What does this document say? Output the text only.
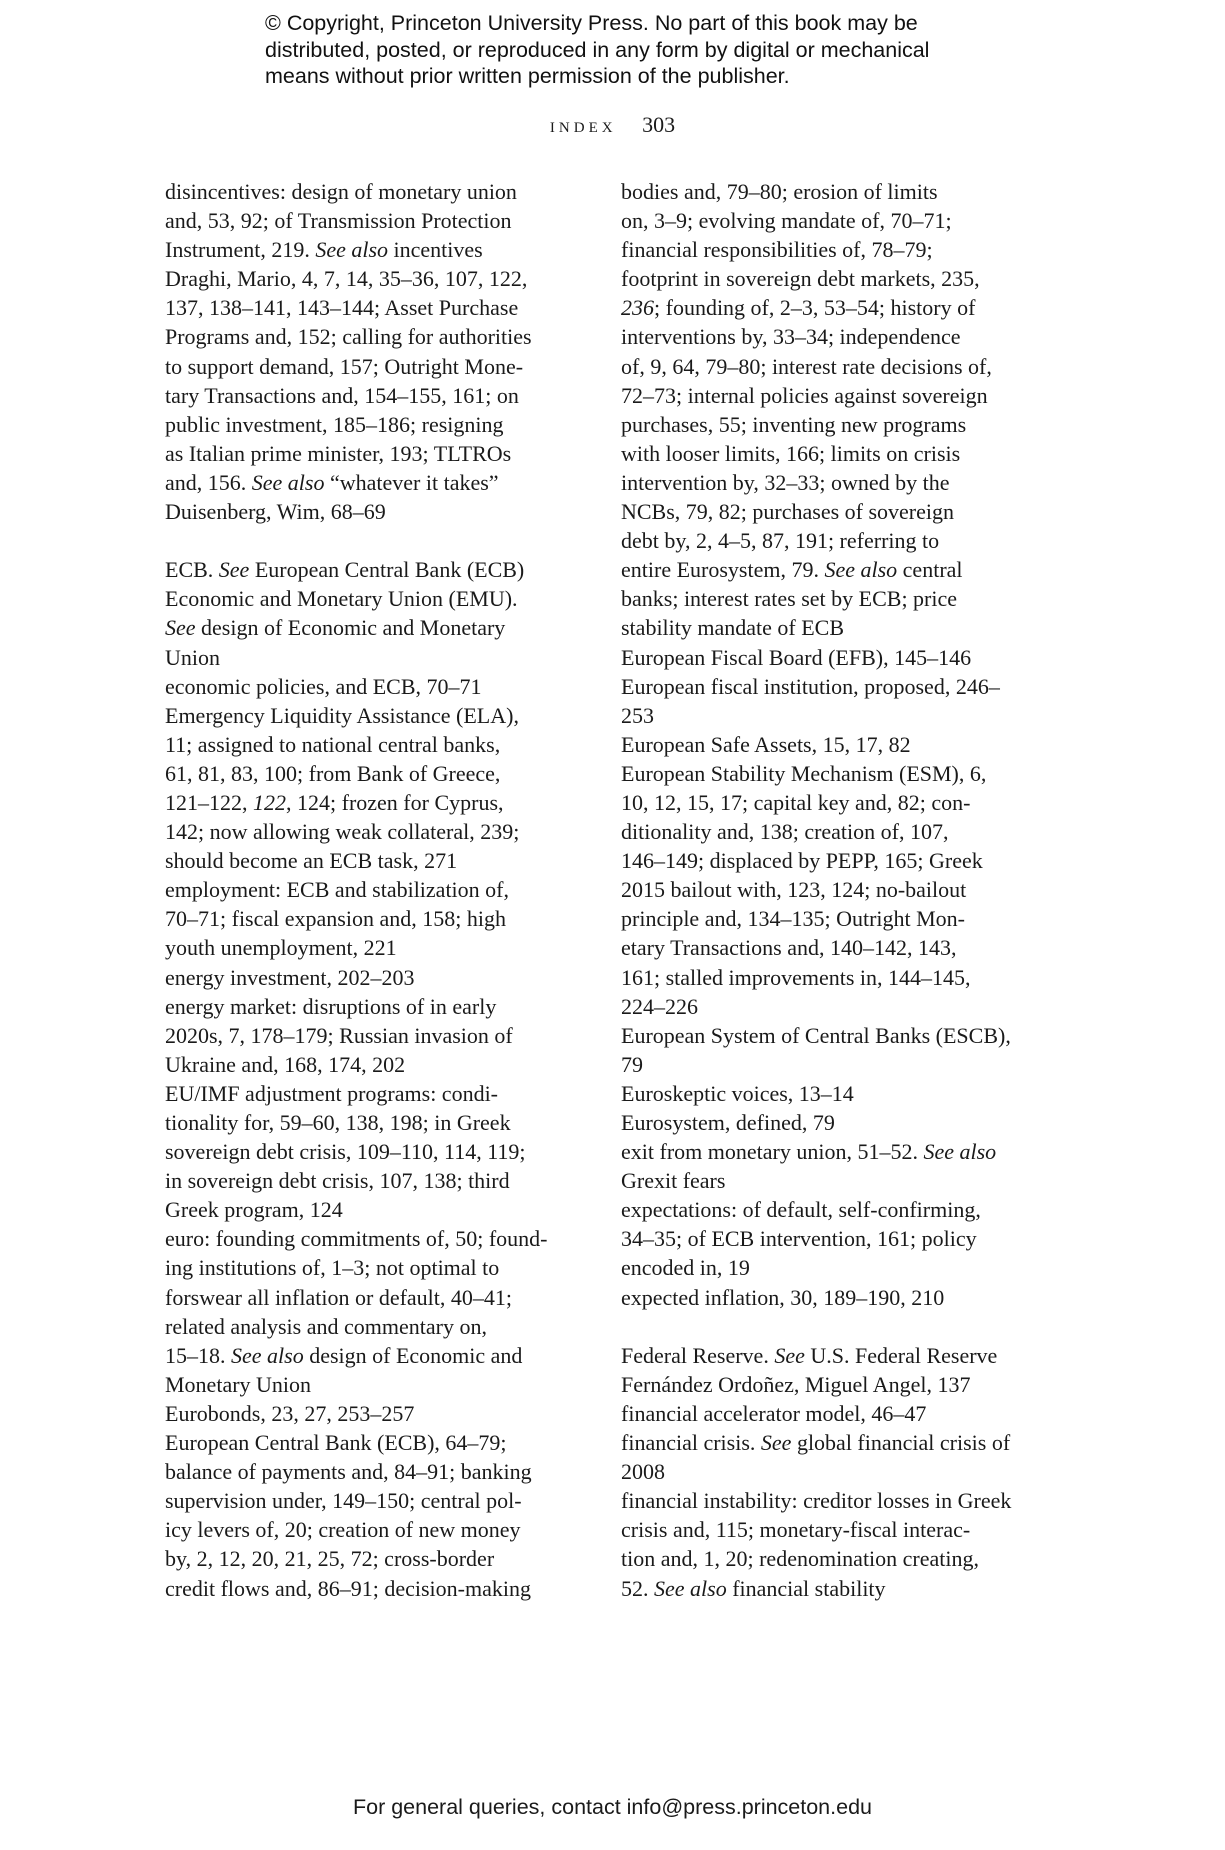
© Copyright, Princeton University Press. No part of this book may be
distributed, posted, or reproduced in any form by digital or mechanical
means without prior written permission of the publisher.
index 303
disincentives: design of monetary union
and, 53, 92; of Transmission Protection
Instrument, 219. See also incentives
Draghi, Mario, 4, 7, 14, 35–36, 107, 122,
137, 138–141, 143–144; Asset Purchase
Programs and, 152; calling for authorities
to support demand, 157; Outright Mone-
tary Transactions and, 154–155, 161; on
public investment, 185–186; resigning
as Italian prime minister, 193; TLTROs
and, 156. See also “whatever it takes”
Duisenberg, Wim, 68–69
ECB. See European Central Bank (ECB)
Economic and Monetary Union (EMU).
See design of Economic and Monetary
Union
economic policies, and ECB, 70–71
Emergency Liquidity Assistance (ELA),
11; assigned to national central banks,
61, 81, 83, 100; from Bank of Greece,
121–122, 122, 124; frozen for Cyprus,
142; now allowing weak collateral, 239;
should become an ECB task, 271
employment: ECB and stabilization of,
70–71; fiscal expansion and, 158; high
youth unemployment, 221
energy investment, 202–203
energy market: disruptions of in early
2020s, 7, 178–179; Russian invasion of
Ukraine and, 168, 174, 202
EU/IMF adjustment programs: condi-
tionality for, 59–60, 138, 198; in Greek
sovereign debt crisis, 109–110, 114, 119;
in sovereign debt crisis, 107, 138; third
Greek program, 124
euro: founding commitments of, 50; found-
ing institutions of, 1–3; not optimal to
forswear all inflation or default, 40–41;
related analysis and commentary on,
15–18. See also design of Economic and
Monetary Union
Eurobonds, 23, 27, 253–257
European Central Bank (ECB), 64–79;
balance of payments and, 84–91; banking
supervision under, 149–150; central pol-
icy levers of, 20; creation of new money
by, 2, 12, 20, 21, 25, 72; cross-border
credit flows and, 86–91; decision-making
bodies and, 79–80; erosion of limits
on, 3–9; evolving mandate of, 70–71;
financial responsibilities of, 78–79;
footprint in sovereign debt markets, 235,
236; founding of, 2–3, 53–54; history of
interventions by, 33–34; independence
of, 9, 64, 79–80; interest rate decisions of,
72–73; internal policies against sovereign
purchases, 55; inventing new programs
with looser limits, 166; limits on crisis
intervention by, 32–33; owned by the
NCBs, 79, 82; purchases of sovereign
debt by, 2, 4–5, 87, 191; referring to
entire Eurosystem, 79. See also central
banks; interest rates set by ECB; price
stability mandate of ECB
European Fiscal Board (EFB), 145–146
European fiscal institution, proposed, 246–
253
European Safe Assets, 15, 17, 82
European Stability Mechanism (ESM), 6,
10, 12, 15, 17; capital key and, 82; con-
ditionality and, 138; creation of, 107,
146–149; displaced by PEPP, 165; Greek
2015 bailout with, 123, 124; no-bailout
principle and, 134–135; Outright Mon-
etary Transactions and, 140–142, 143,
161; stalled improvements in, 144–145,
224–226
European System of Central Banks (ESCB),
79
Euroskeptic voices, 13–14
Eurosystem, defined, 79
exit from monetary union, 51–52. See also
Grexit fears
expectations: of default, self-confirming,
34–35; of ECB intervention, 161; policy
encoded in, 19
expected inflation, 30, 189–190, 210
Federal Reserve. See U.S. Federal Reserve
Fernández Ordoñez, Miguel Angel, 137
financial accelerator model, 46–47
financial crisis. See global financial crisis of
2008
financial instability: creditor losses in Greek
crisis and, 115; monetary-fiscal interac-
tion and, 1, 20; redenomination creating,
52. See also financial stability
For general queries, contact info@press.princeton.edu
